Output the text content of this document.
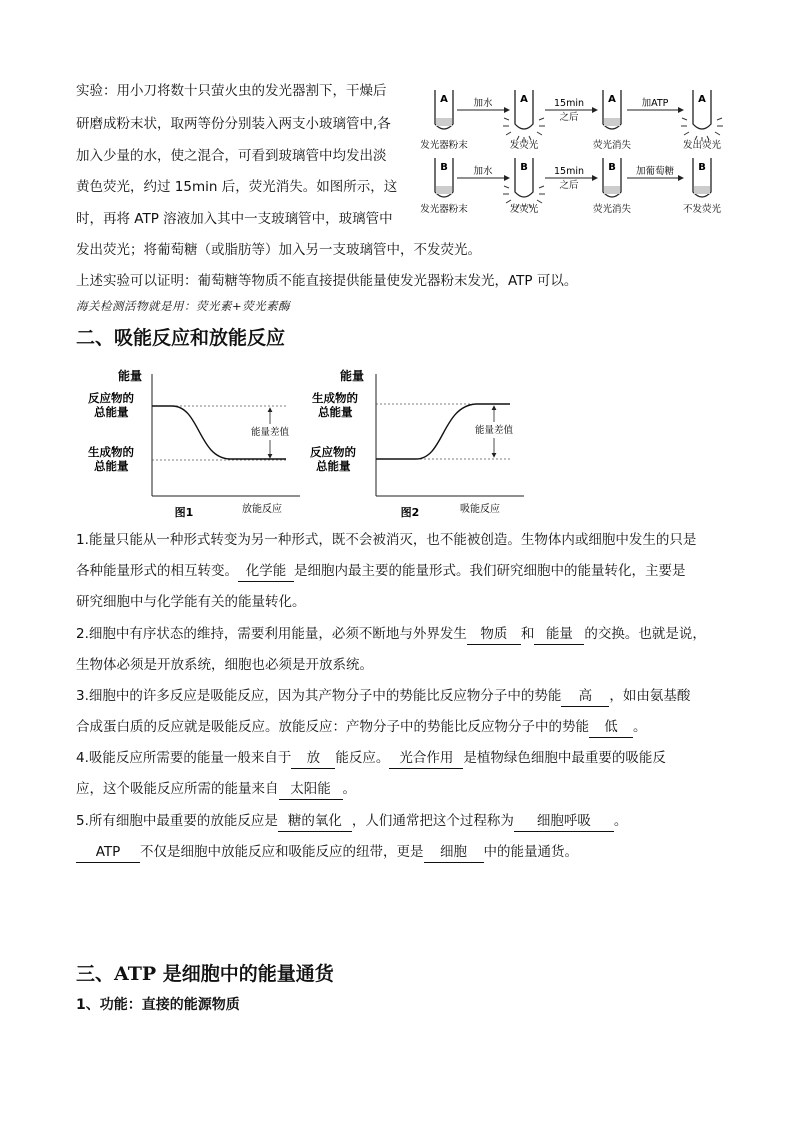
实验：用小刀将数十只萤火虫的发光器割下，干燥后
研磨成粉末状，取两等份分别装入两支小玻璃管中,各
加入少量的水，使之混合，可看到玻璃管中均发出淡
黄色荧光，约过 15min 后，荧光消失。如图所示，这
时，再将 ATP 溶液加入其中一支玻璃管中，玻璃管中
发出荧光；将葡萄糖（或脂肪等）加入另一支玻璃管中，不发荧光。
上述实验可以证明：葡萄糖等物质不能直接提供能量使发光器粉末发光，ATP 可以。
海关检测活物就是用：荧光素+荧光素酶
A	A	A	A
加水	15min
之后
加ATP
发光器粉末	发荧光	荧光消失	发出荧光
B	B	B	B
加水	15min
之后
加葡萄糖
发光器粉末	发荧光	荧光消失	不发荧光
二、吸能反应和放能反应
能量
反应物的
总能量
生成物的
总能量
能量差值
放能反应
图1
能量
生成物的
总能量
反应物的
总能量
能量差值
吸能反应
图2
1.能量只能从一种形式转变为另一种形式，既不会被消灭，也不能被创造。生物体内或细胞中发生的只是
各种能量形式的相互转变。 化学能 是细胞内最主要的能量形式。我们研究细胞中的能量转化，主要是
研究细胞中与化学能有关的能量转化。
2.细胞中有序状态的维持，需要利用能量，必须不断地与外界发生 物质 和 能量 的交换。也就是说，
生物体必须是开放系统，细胞也必须是开放系统。
3.细胞中的许多反应是吸能反应，因为其产物分子中的势能比反应物分子中的势能 高 ，如由氨基酸
合成蛋白质的反应就是吸能反应。放能反应：产物分子中的势能比反应物分子中的势能 低 。
4.吸能反应所需要的能量一般来自于 放 能反应。 光合作用 是植物绿色细胞中最重要的吸能反
应，这个吸能反应所需的能量来自 太阳能 。
5.所有细胞中最重要的放能反应是 糖的氧化 ，人们通常把这个过程称为 细胞呼吸 。
ATP 不仅是细胞中放能反应和吸能反应的纽带，更是 细胞 中的能量通货。
三、ATP 是细胞中的能量通货
1、功能：直接的能源物质
